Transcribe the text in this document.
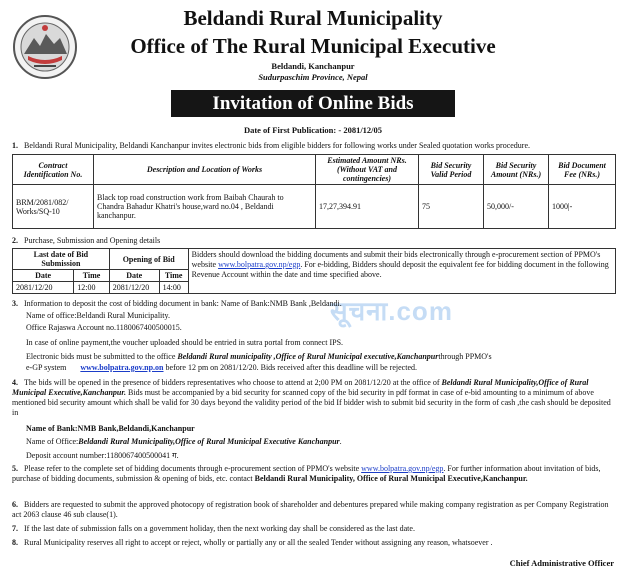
Beldandi Rural Municipality
Office of The Rural Municipal Executive
Beldandi, Kanchanpur
Sudurpaschim Province, Nepal
Invitation of Online Bids
Date of First Publication: - 2081/12/05
1. Beldandi Rural Municipality, Beldandi Kanchanpur invites electronic bids from eligible bidders for following works under Sealed quotation works procedure.
Contract Identification No.	Description and Location of Works	Estimated Amount NRs. (Without VAT and contingencies)	Bid Security Valid Period	Bid Security Amount (NRs.)	Bid Document Fee (NRs.)
BRM/2081/082/ Works/SQ-10	Black top road construction work from Baibah Chaurah to Chandra Bahadur Khatri's house,ward no.04 , Beldandi kanchanpur.	17,27,394.91	75	50,000/-	1000|-
2. Purchase, Submission and Opening details
Last date of Bid Submission		Opening of Bid		Bidders should download the bidding documents and submit their bids electronically through e-procurement section of PPMO's website www.bolpatra.gov.np/egp. For e-bidding, Bidders should deposit the equivalent fee for bidding document in the following Revenue Account within the date and time specified above.
Date	Time	Date	Time	
2081/12/20	12:00	2081/12/20	14:00	
सूचना.com
3. Information to deposit the cost of bidding document in bank: Name of Bank:NMB Bank ,Beldandi.
Name of office:Beldandi Rural Municipality.
Office Rajaswa Account no.1180067400500015.
In case of online payment,the voucher uploaded should be entried in sutra portal from connect IPS.
Electronic bids must be submitted to the office Beldandi Rural municipality ,Office of Rural Municipal executive,Kanchanpurthrough PPMO's
e-GP system www.bolpatra.gov.np.on before 12 pm on 2081/12/20. Bids received after this deadline will be rejected.
4. The bids will be opened in the presence of bidders representatives who choose to attend at 2;00 PM on 2081/12/20 at the office of Beldandi Rural Municipality,Office of Rural Municipal Executive,Kanchanpur. Bids must be accompanied by a bid security for scanned copy of the bid security in pdf format in case of e-bid amounting to a minimum of above mentioned bid security amount which shall be valid for 30 days beyond the validity period of the bid If bidder wish to submit bid security in the form of cash ,the cash should be deposited in
Name of Bank:NMB Bank,Beldandi,Kanchanpur
Name of Office:Beldandi Rural Municipality,Office of Rural Municipal Executive Kanchanpur.
Deposit account number:1180067400500041 ग.
5. Please refer to the complete set of bidding documents through e-procurement section of PPMO's website www.bolpatra.gov.np/egp. For further information about invitation of bids, purchase of bidding documents, submission & opening of bids, etc. contact Beldandi Rural Municipality, Office of Rural Municipal Executive,Kanchanpur.
6. Bidders are requested to submit the approved photocopy of registration book of shareholder and debentures prepared while making company registration as per Company Registration act 2063 clause 46 sub clause(1).
7. If the last date of submission falls on a government holiday, then the next working day shall be considered as the last date.
8. Rural Municipality reserves all right to accept or reject, wholly or partially any or all the sealed Tender without assigning any reason, whatsoever .
Chief Administrative Officer
